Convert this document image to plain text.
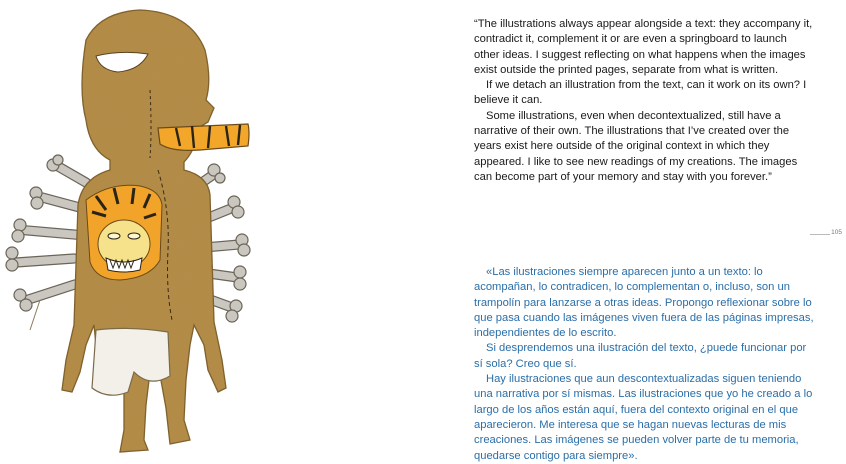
“The illustrations always appear alongside a text: they accompany it, contradict it, complement it or are even a springboard to launch other ideas. I suggest reflecting on what happens when the images exist outside the printed pages, separate from what is written.

If we detach an illustration from the text, can it work on its own? I believe it can.

Some illustrations, even when decontextualized, still have a narrative of their own. The illustrations that I’ve created over the years exist here outside of the original context in which they appeared. I like to see new readings of my creations. The images can become part of your memory and stay with you forever.”

105

«Las ilustraciones siempre aparecen junto a un texto: lo acompañan, lo contradicen, lo complementan o, incluso, son un trampolín para lanzarse a otras ideas. Propongo reflexionar sobre lo que pasa cuando las imágenes viven fuera de las páginas impresas, independientes de lo escrito.

Si desprendemos una ilustración del texto, ¿puede funcionar por sí sola? Creo que sí.

Hay ilustraciones que aun descontextualizadas siguen teniendo una narrativa por sí mismas. Las ilustraciones que yo he creado a lo largo de los años están aquí, fuera del contexto original en el que aparecieron. Me interesa que se hagan nuevas lecturas de mis creaciones. Las imágenes se pueden volver parte de tu memoria, quedarse contigo para siempre».
